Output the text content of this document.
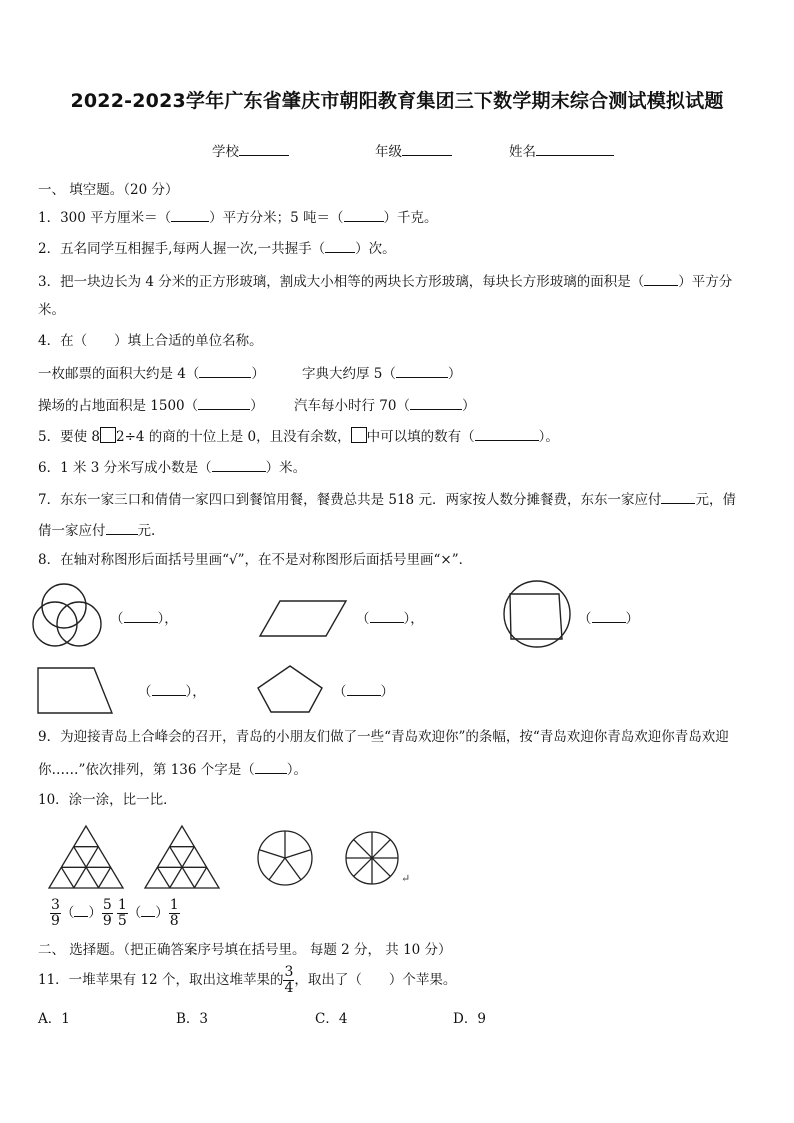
2022-2023学年广东省肇庆市朝阳教育集团三下数学期末综合测试模拟试题
学校	年级	姓名
一、 填空题。（20 分）
1．300 平方厘米＝（	）平方分米；5 吨＝（	）千克。
2．五名同学互相握手,每两人握一次,一共握手（ ）次。
3．把一块边长为 4 分米的正方形玻璃，割成大小相等的两块长方形玻璃，每块长方形玻璃的面积是（	）平方分
米。
4．在（　　）填上合适的单位名称。
一枚邮票的面积大约是 4（	）	字典大约厚 5（	）
操场的占地面积是 1500（	） 汽车每小时行 70（	）
5．要使 8 2÷4 的商的十位上是 0，且没有余数， 中可以填的数有（	）。
6．1 米 3 分米写成小数是（	）米。
7．东东一家三口和倩倩一家四口到餐馆用餐，餐费总共是 518 元．两家按人数分摊餐费，东东一家应付	元，倩
倩一家应付 元.
8．在轴对称图形后面括号里画“√”，在不是对称图形后面括号里画“×”．
（	），	（	），	（	）
（	），	（	）
9．为迎接青岛上合峰会的召开，青岛的小朋友们做了一些“青岛欢迎你”的条幅，按“青岛欢迎你青岛欢迎你青岛欢迎
你……”依次排列，第 136 个字是（ ）。
10．涂一涂，比一比．
↵
$\frac{3}{9}$ （ ） $\frac{5}{9} \frac{1}{5}$ （ ） $\frac{1}{8}$
二、 选择题。（把正确答案序号填在括号里。 每题 2 分， 共 10 分）
11．一堆苹果有 12 个，取出这堆苹果的 $\frac{3}{4}$ ，取出了（　　）个苹果。
A．1	B．3	C．4	D．9
